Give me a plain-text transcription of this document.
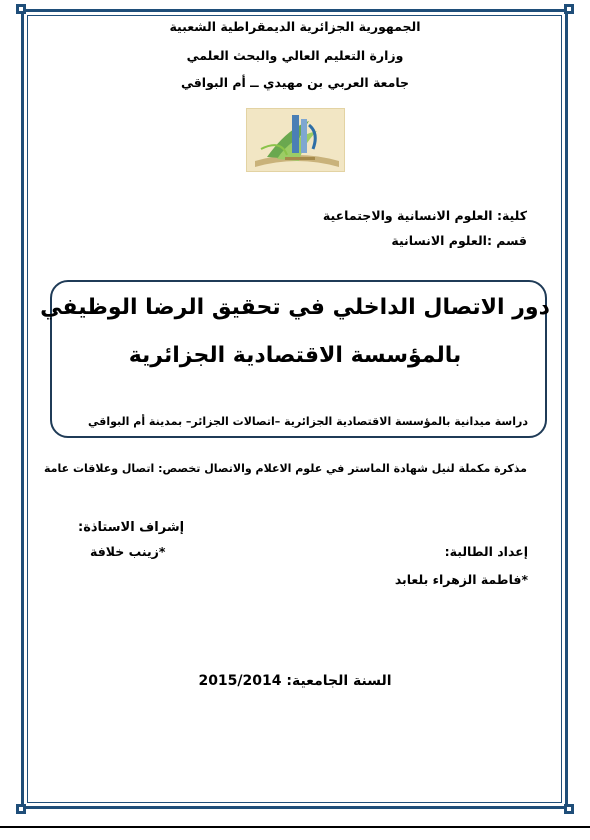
الجمهورية الجزائرية الديمقراطية الشعبية
وزارة التعليم العالي والبحث العلمي
جامعة العربي بن مهيدي ــ أم البواقي
كلية: العلوم الانسانية والاجتماعية
قسم :العلوم الانسانية
دور الاتصال الداخلي في تحقيق الرضا الوظيفي
بالمؤسسة الاقتصادية الجزائرية
دراسة ميدانية بالمؤسسة الاقتصادية الجزائرية –اتصالات الجزائر– بمدينة أم البواقي
مذكرة مكملة لنيل شهادة الماستر في علوم الاعلام والاتصال تخصص: اتصال وعلاقات عامة
إشراف الاستاذة:
إعداد الطالبة:
*زينب خلافة
*فاطمة الزهراء بلعابد
السنة الجامعية: 2015/2014
